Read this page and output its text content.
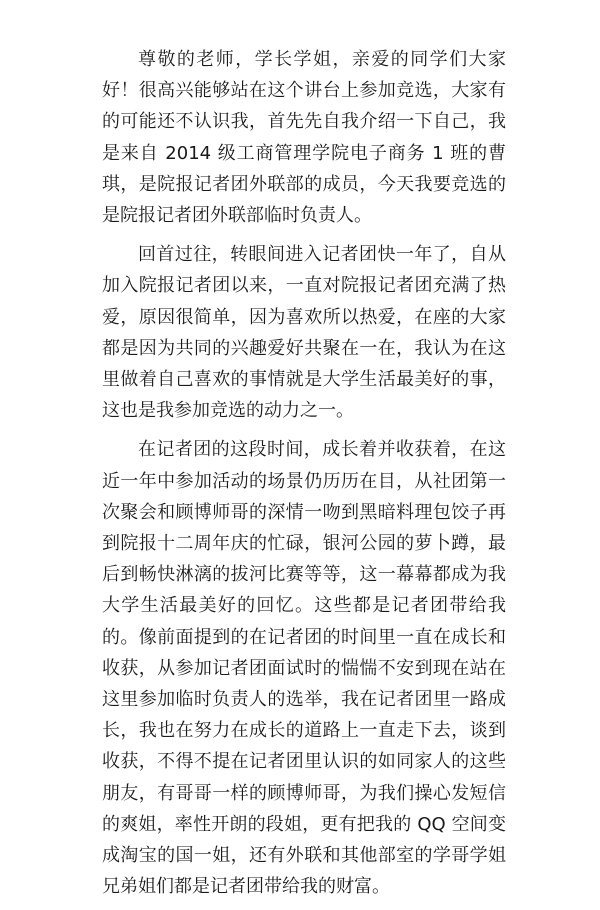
尊敬的老师，学长学姐，亲爱的同学们大家好！很高兴能够站在这个讲台上参加竞选，大家有的可能还不认识我，首先先自我介绍一下自己，我是来自 2014 级工商管理学院电子商务 1 班的曹琪，是院报记者团外联部的成员，今天我要竞选的是院报记者团外联部临时负责人。

回首过往，转眼间进入记者团快一年了，自从加入院报记者团以来，一直对院报记者团充满了热爱，原因很简单，因为喜欢所以热爱，在座的大家都是因为共同的兴趣爱好共聚在一在，我认为在这里做着自己喜欢的事情就是大学生活最美好的事，这也是我参加竞选的动力之一。

在记者团的这段时间，成长着并收获着，在这近一年中参加活动的场景仍历历在目，从社团第一次聚会和顾博师哥的深情一吻到黑暗料理包饺子再到院报十二周年庆的忙碌，银河公园的萝卜蹲，最后到畅快淋漓的拔河比赛等等，这一幕幕都成为我大学生活最美好的回忆。这些都是记者团带给我的。像前面提到的在记者团的时间里一直在成长和收获，从参加记者团面试时的惴惴不安到现在站在这里参加临时负责人的选举，我在记者团里一路成长，我也在努力在成长的道路上一直走下去，谈到收获，不得不提在记者团里认识的如同家人的这些朋友，有哥哥一样的顾博师哥，为我们操心发短信的爽姐，率性开朗的段姐，更有把我的 QQ 空间变成淘宝的国一姐，还有外联和其他部室的学哥学姐兄弟姐们都是记者团带给我的财富。
